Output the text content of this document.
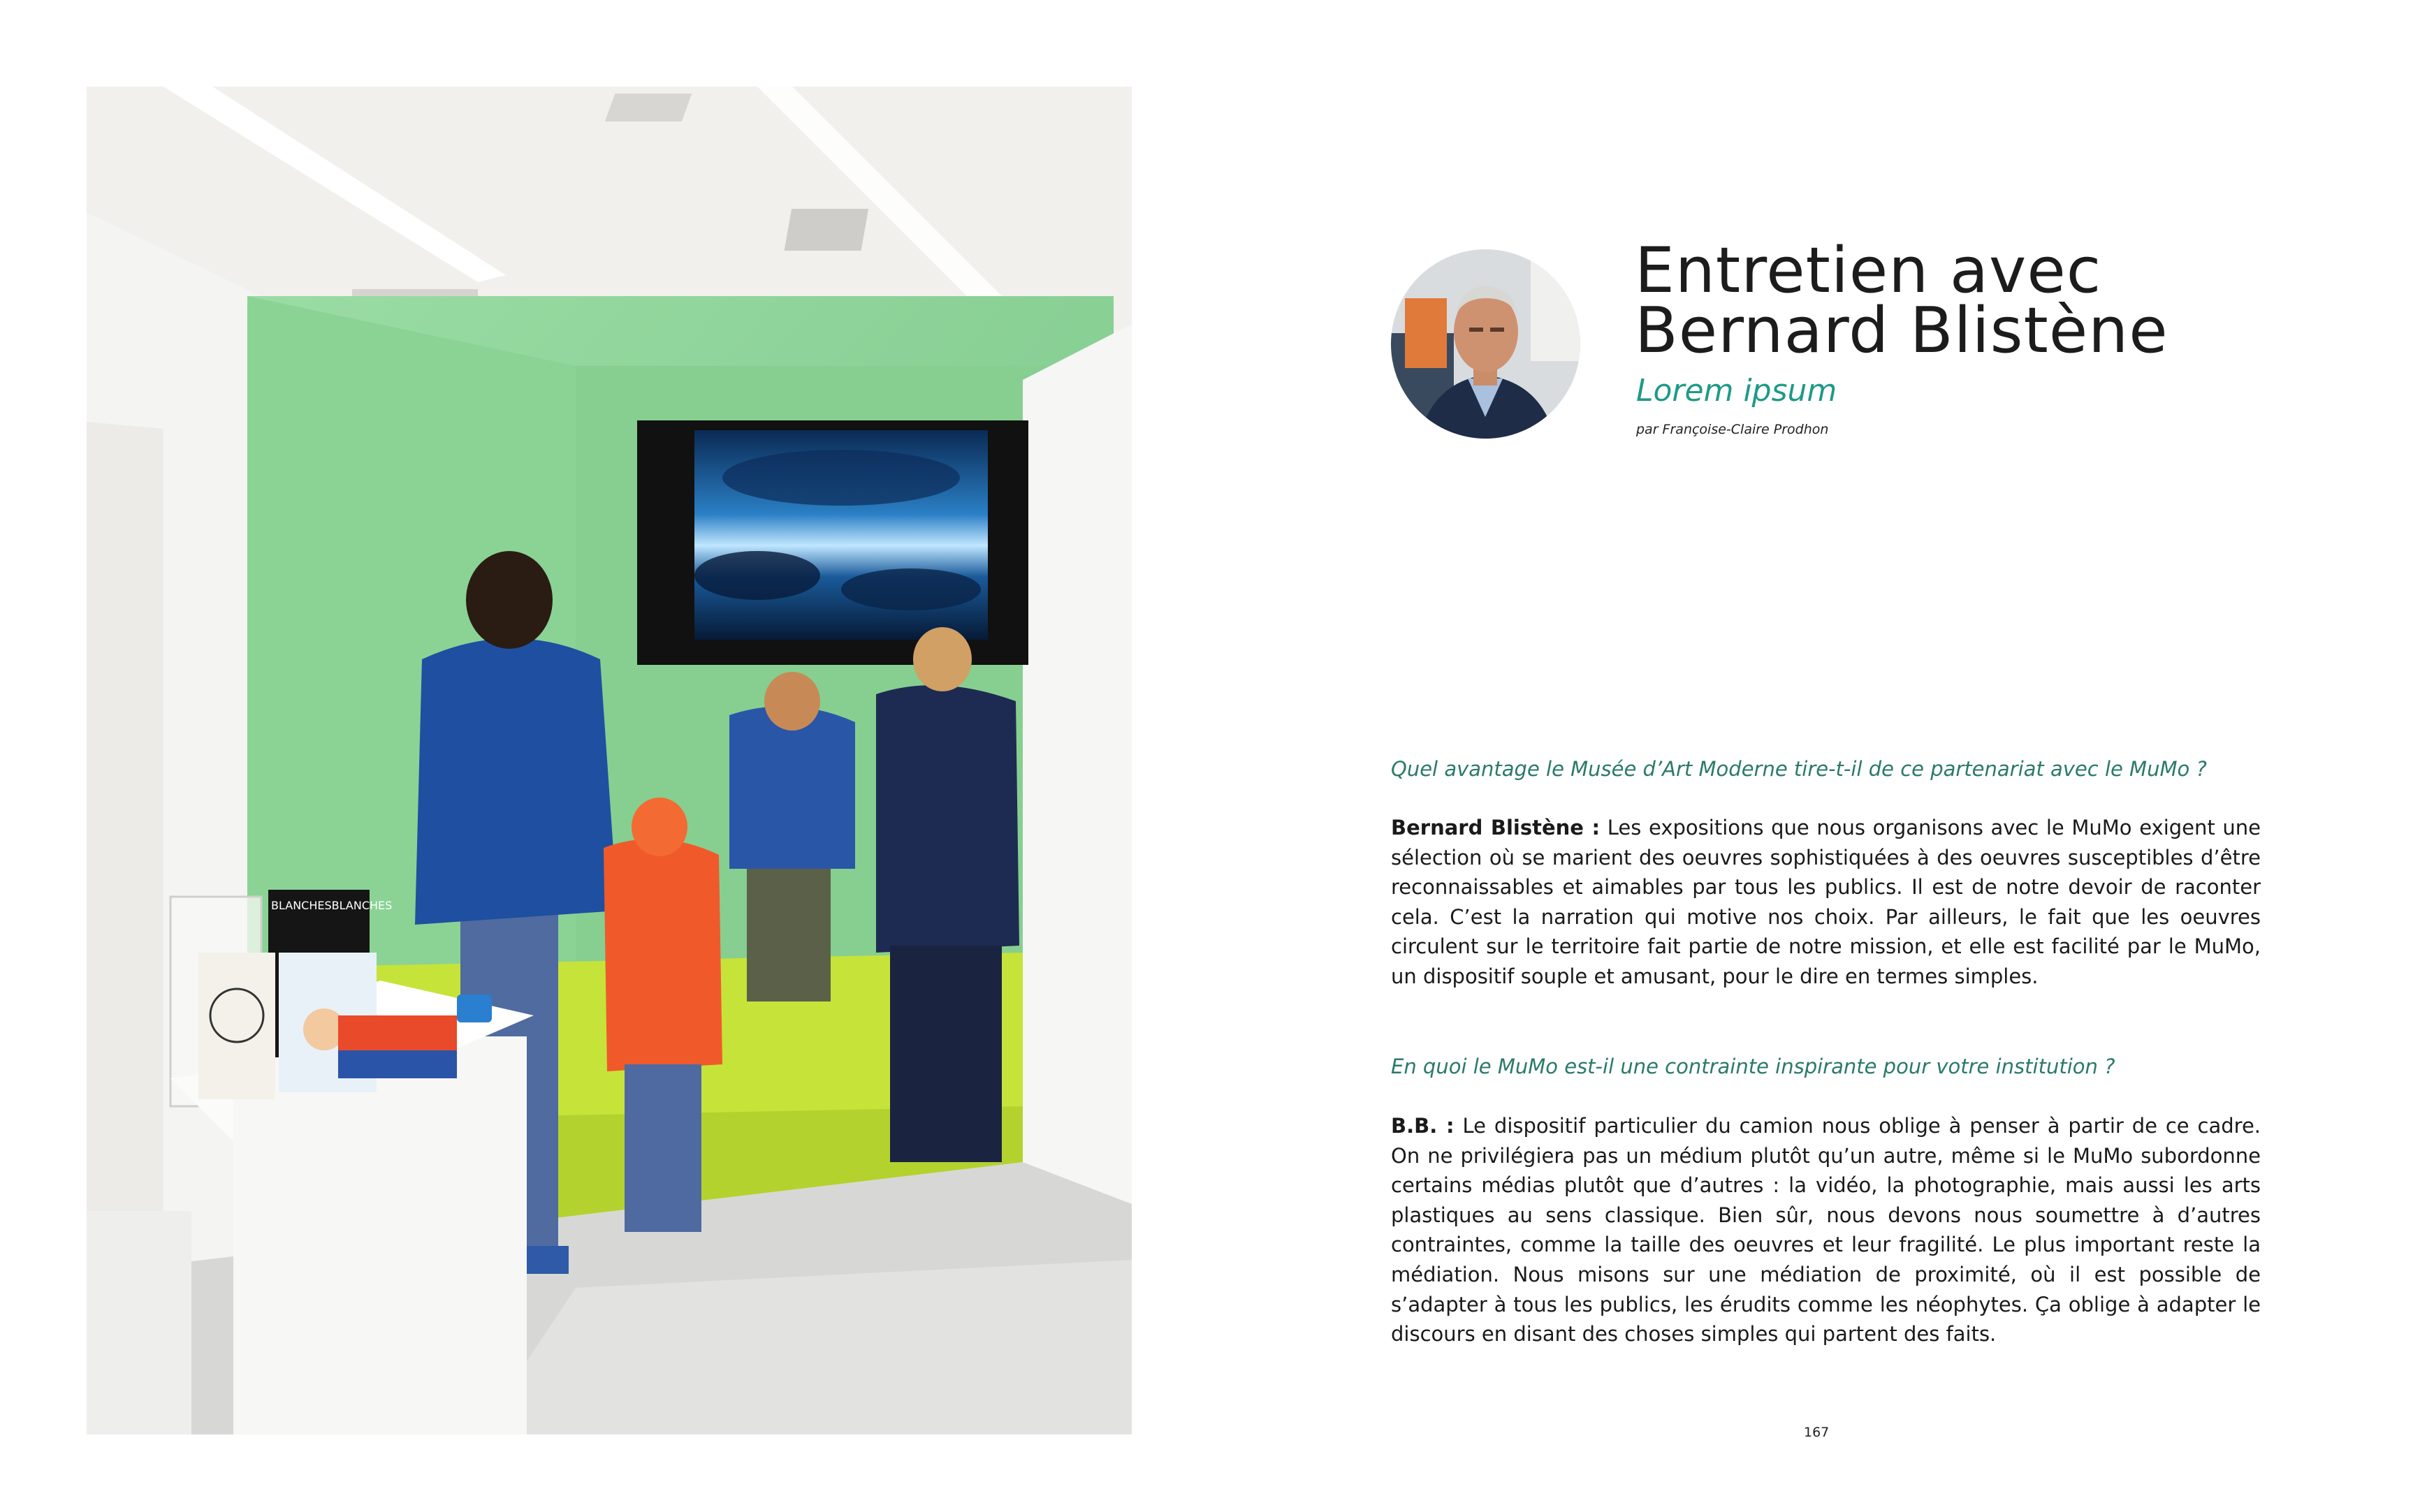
BLANCHESBLANCHES
Entretien avec
Bernard Blistène

Lorem ipsum

par Françoise-Claire Prodhon

Quel avantage le Musée d’Art Moderne tire-t-il de ce partenariat avec le MuMo ?

Bernard Blistène : Les expositions que nous organisons avec le MuMo exigent une sélection où se marient des oeuvres sophistiquées à des oeuvres susceptibles d’être reconnaissables et aimables par tous les publics. Il est de notre devoir de raconter cela. C’est la narration qui motive nos choix. Par ailleurs, le fait que les oeuvres circulent sur le territoire fait partie de notre mission, et elle est facilité par le MuMo, un dispositif souple et amusant, pour le dire en termes simples.

En quoi le MuMo est-il une contrainte inspirante pour votre institution ?

B.B. : Le dispositif particulier du camion nous oblige à penser à partir de ce cadre. On ne privilégiera pas un médium plutôt qu’un autre, même si le MuMo subordonne certains médias plutôt que d’autres : la vidéo, la photographie, mais aussi les arts plastiques au sens classique. Bien sûr, nous devons nous soumettre à d’autres contraintes, comme la taille des oeuvres et leur fragilité. Le plus important reste la médiation. Nous misons sur une médiation de proximité, où il est possible de s’adapter à tous les publics, les érudits comme les néophytes. Ça oblige à adapter le discours en disant des choses simples qui partent des faits.

167
